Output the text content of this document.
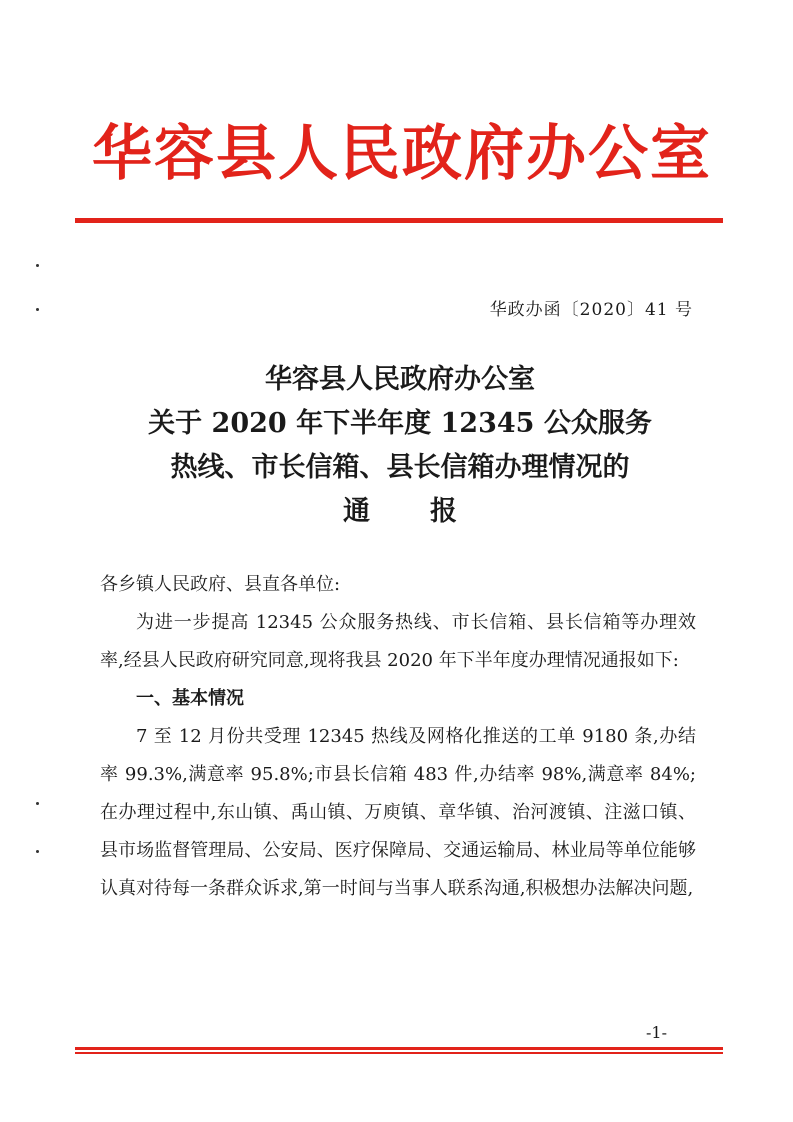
华容县人民政府办公室
华政办函〔2020〕41 号
华容县人民政府办公室
关于 2020 年下半年度 12345 公众服务
热线、市长信箱、县长信箱办理情况的
通报

各乡镇人民政府、县直各单位:

为进一步提高 12345 公众服务热线、市长信箱、县长信箱等办理效率,经县人民政府研究同意,现将我县 2020 年下半年度办理情况通报如下:

一、基本情况

7 至 12 月份共受理 12345 热线及网格化推送的工单 9180 条,办结率 99.3%,满意率 95.8%;市县长信箱 483 件,办结率 98%,满意率 84%;在办理过程中,东山镇、禹山镇、万庾镇、章华镇、治河渡镇、注滋口镇、县市场监督管理局、公安局、医疗保障局、交通运输局、林业局等单位能够认真对待每一条群众诉求,第一时间与当事人联系沟通,积极想办法解决问题,

-1-
